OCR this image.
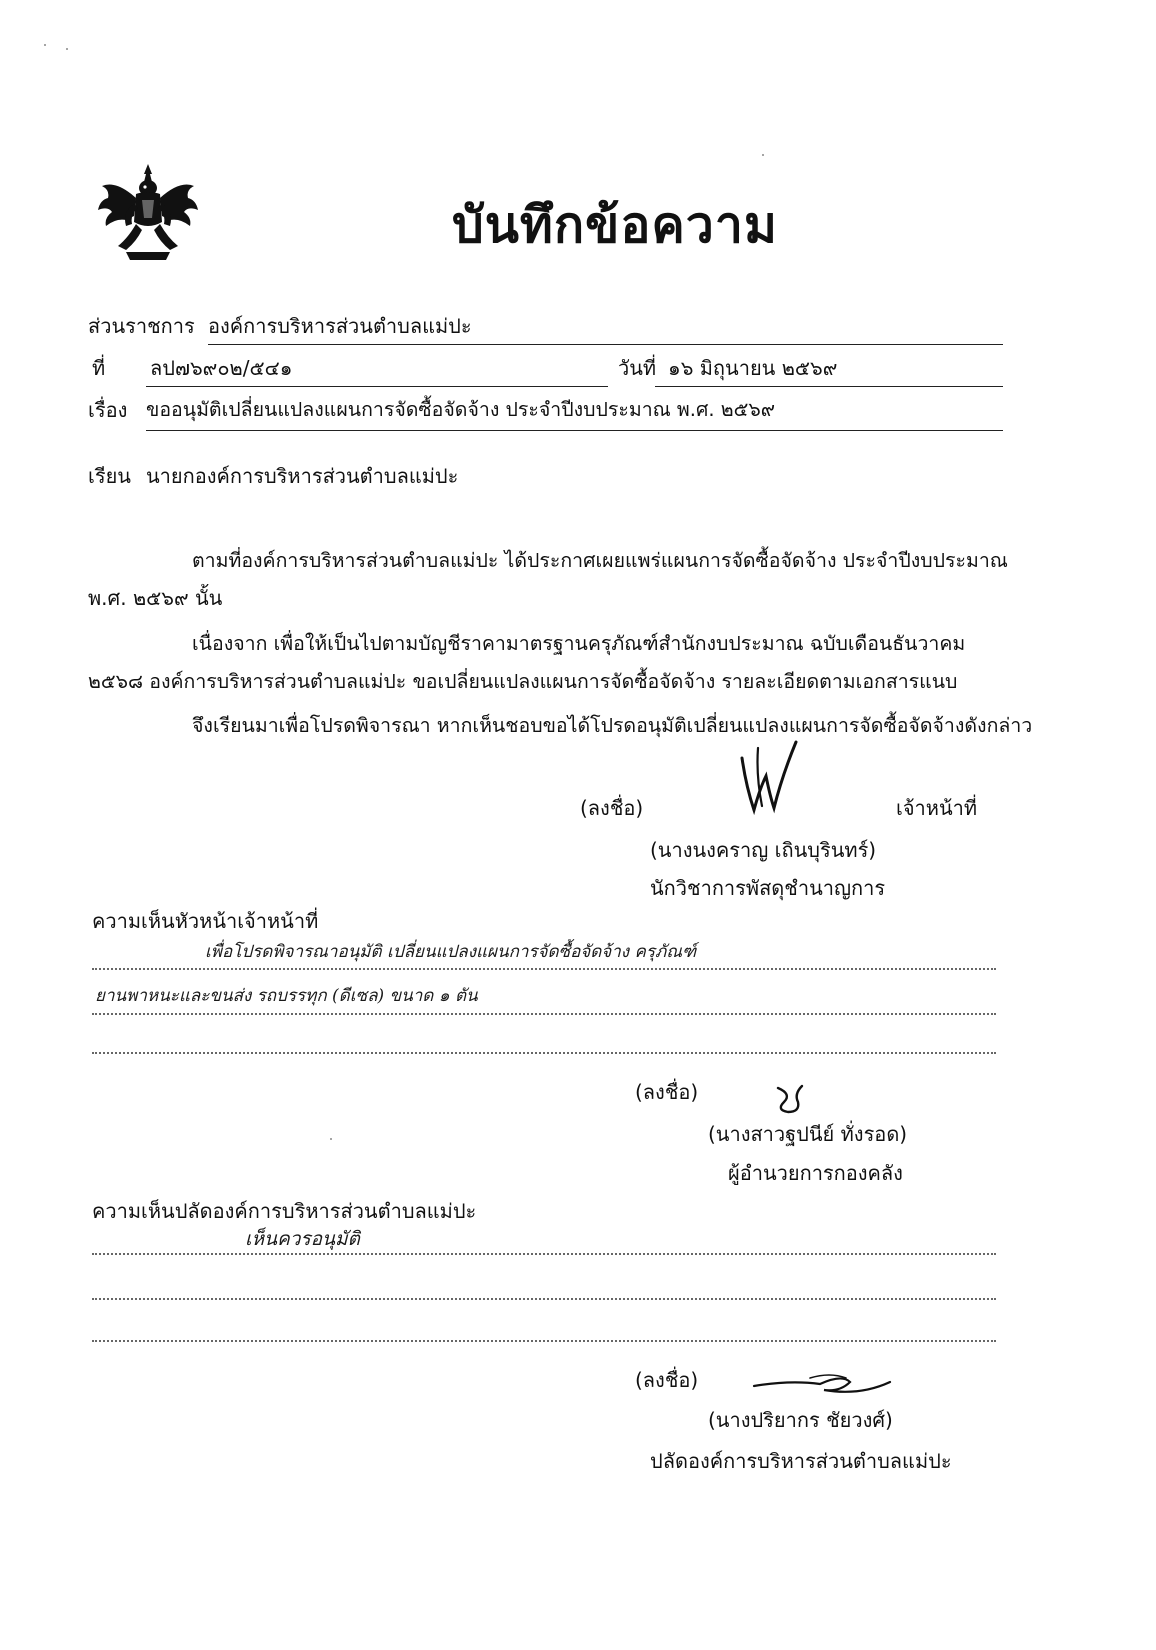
บันทึกข้อความ
ส่วนราชการ องค์การบริหารส่วนตำบลแม่ปะ
ที่ ลป๗๖๙๐๒/๕๔๑	วันที่ ๑๖ มิถุนายน ๒๕๖๙
เรื่อง ขออนุมัติเปลี่ยนแปลงแผนการจัดซื้อจัดจ้าง ประจำปีงบประมาณ พ.ศ. ๒๕๖๙
เรียน นายกองค์การบริหารส่วนตำบลแม่ปะ
ตามที่องค์การบริหารส่วนตำบลแม่ปะ ได้ประกาศเผยแพร่แผนการจัดซื้อจัดจ้าง ประจำปีงบประมาณ
พ.ศ. ๒๕๖๙ นั้น
เนื่องจาก เพื่อให้เป็นไปตามบัญชีราคามาตรฐานครุภัณฑ์สำนักงบประมาณ ฉบับเดือนธันวาคม
๒๕๖๘ องค์การบริหารส่วนตำบลแม่ปะ ขอเปลี่ยนแปลงแผนการจัดซื้อจัดจ้าง รายละเอียดตามเอกสารแนบ
จึงเรียนมาเพื่อโปรดพิจารณา หากเห็นชอบขอได้โปรดอนุมัติเปลี่ยนแปลงแผนการจัดซื้อจัดจ้างดังกล่าว
(ลงชื่อ)	เจ้าหน้าที่
(นางนงคราญ เถินบุรินทร์)
นักวิชาการพัสดุชำนาญการ
ความเห็นหัวหน้าเจ้าหน้าที่
เพื่อโปรดพิจารณาอนุมัติ เปลี่ยนแปลงแผนการจัดซื้อจัดจ้าง ครุภัณฑ์
ยานพาหนะและขนส่ง รถบรรทุก (ดีเซล) ขนาด ๑ ตัน
(ลงชื่อ)
(นางสาวฐปนีย์ ทั่งรอด)
ผู้อำนวยการกองคลัง
ความเห็นปลัดองค์การบริหารส่วนตำบลแม่ปะ
เห็นควรอนุมัติ
(ลงชื่อ)
(นางปริยากร ชัยวงศ์)
ปลัดองค์การบริหารส่วนตำบลแม่ปะ
